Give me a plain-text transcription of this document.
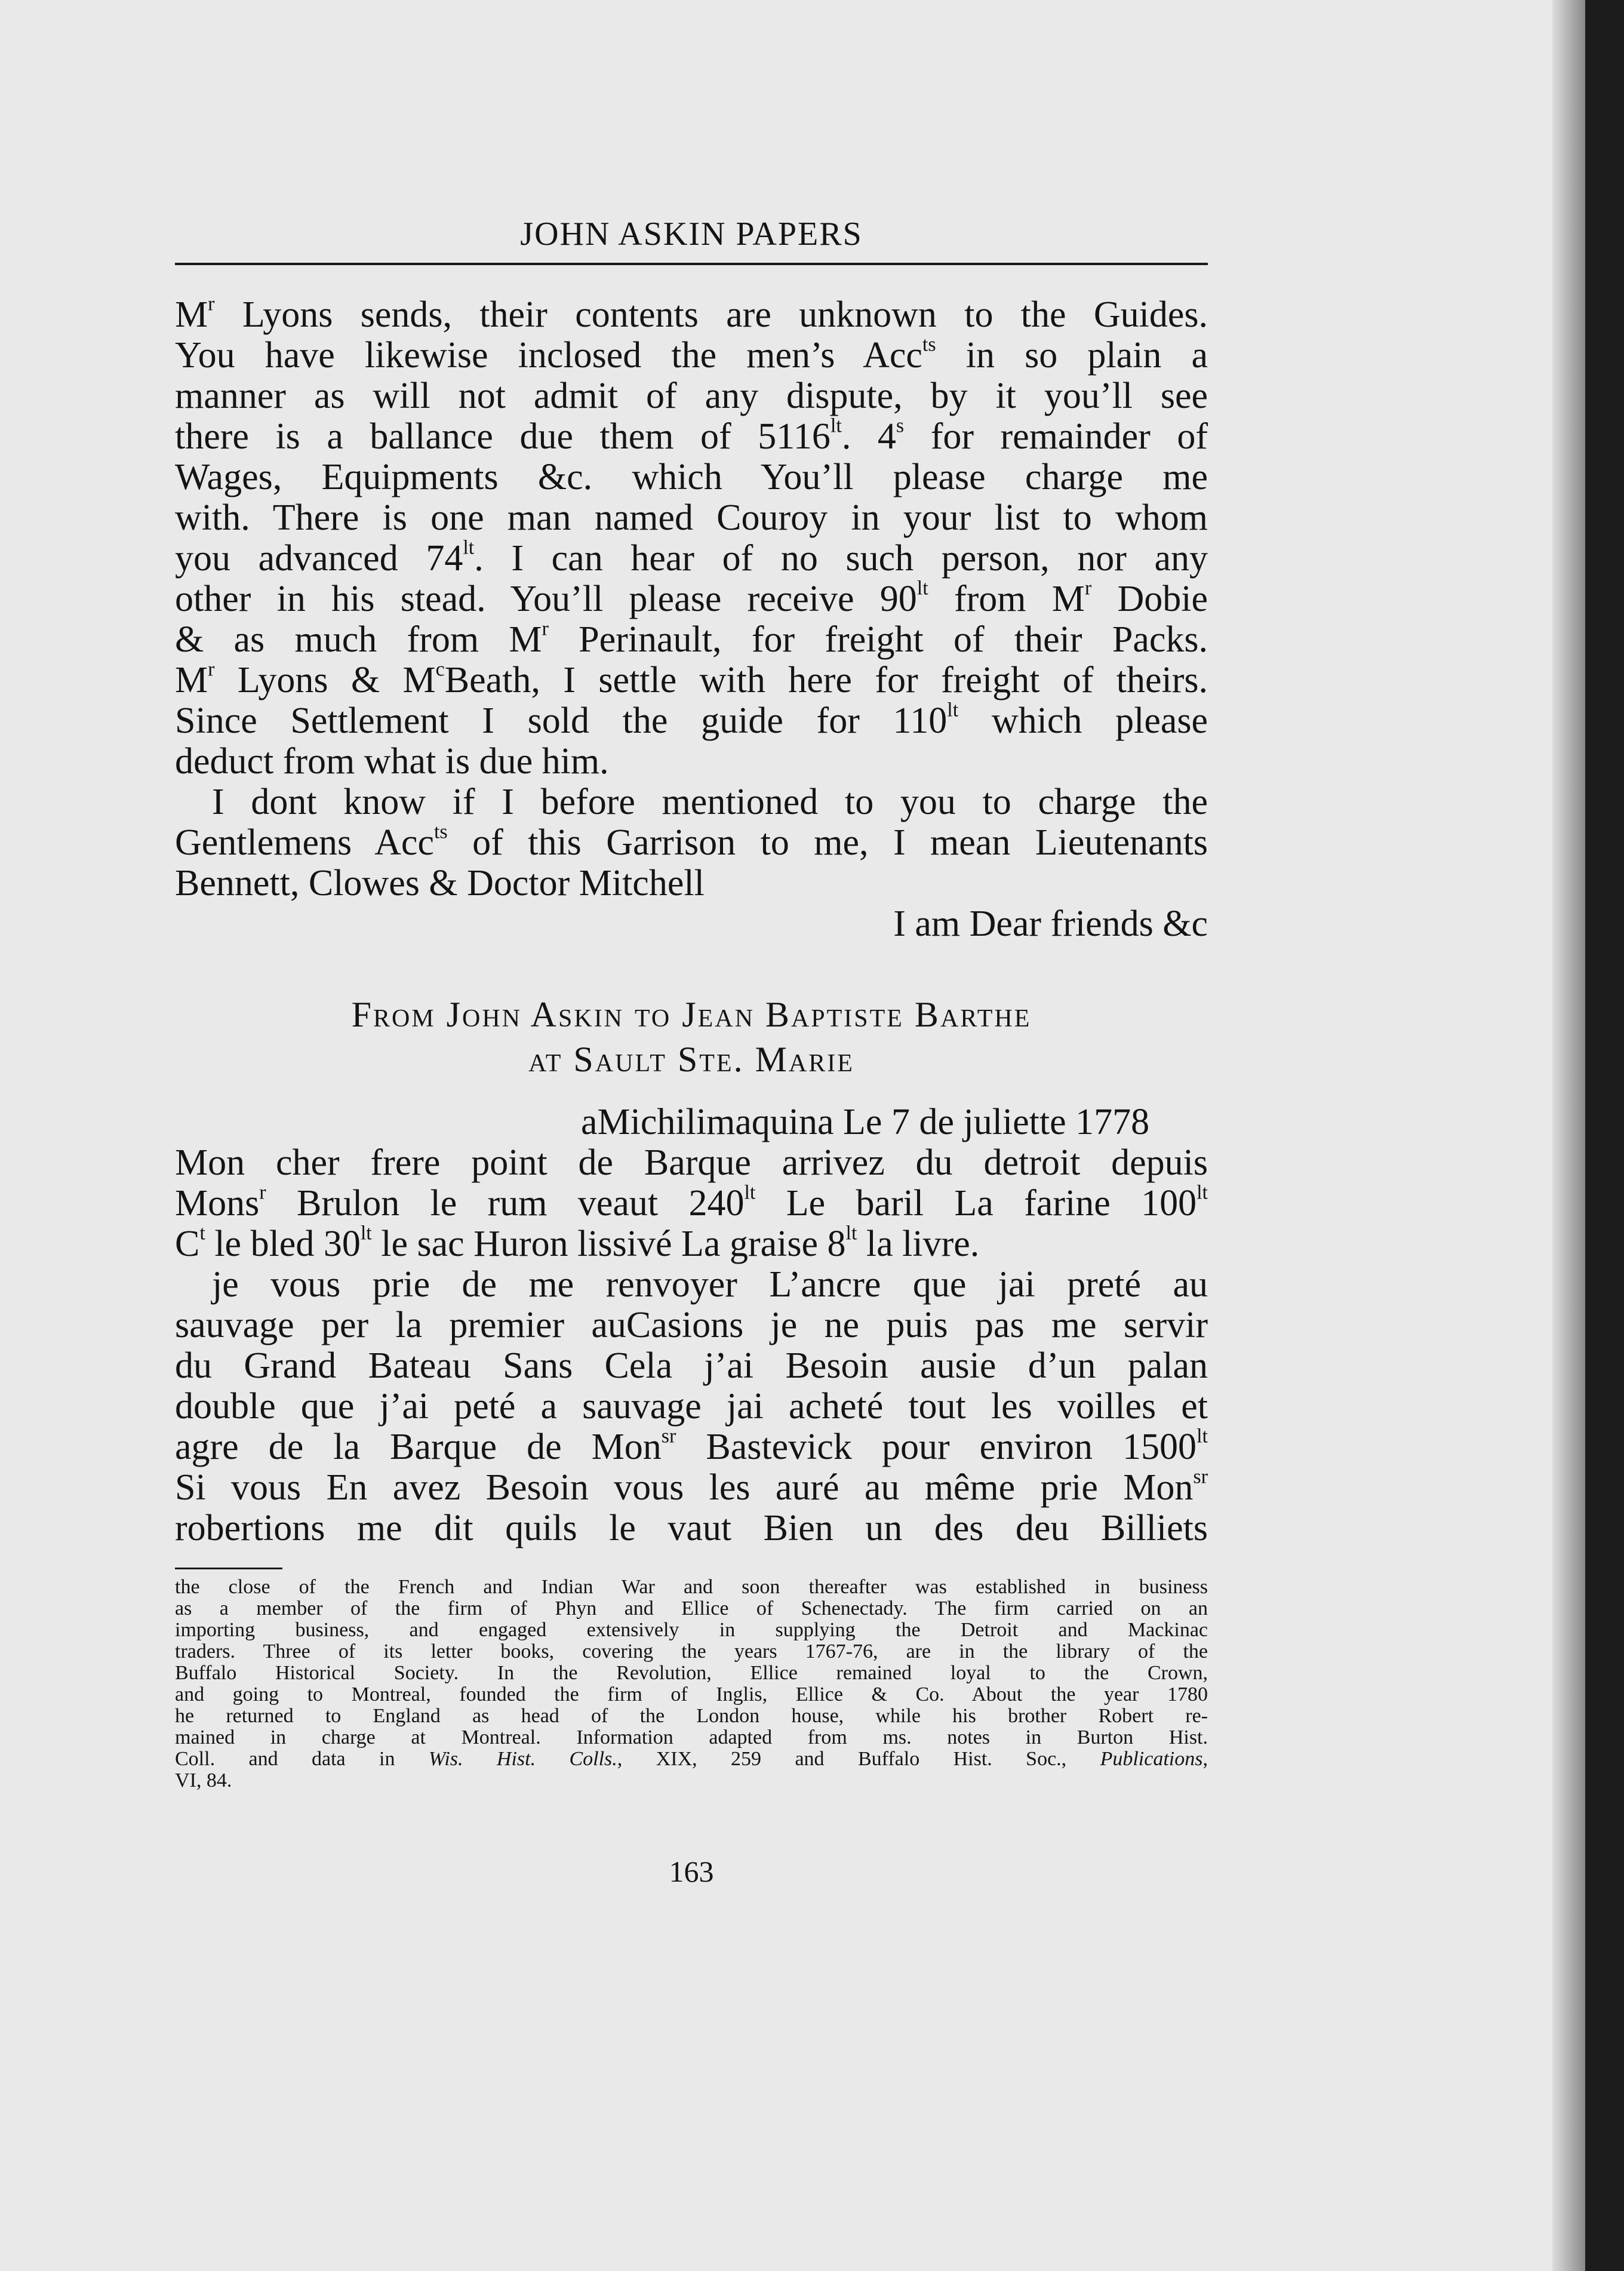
JOHN ASKIN PAPERS
$M^r$ Lyons sends, their contents are unknown to the Guides.
You have likewise inclosed the men’s Acc$^{ts}$ in so plain a
manner as will not admit of any dispute, by it you’ll see
there is a ballance due them of $5116^{lt}$. 4$^s$ for remainder of
Wages, Equipments &c. which You’ll please charge me
with. There is one man named Couroy in your list to whom
you advanced $74^{lt}$. I can hear of no such person, nor any
other in his stead. You’ll please receive $90^{lt}$ from $M^r$ Dobie
& as much from $M^r$ Perinault, for freight of their Packs.
$M^r$ Lyons & $M^cBeath$, I settle with here for freight of theirs.
Since Settlement I sold the guide for $110^{lt}$ which please
deduct from what is due him.
I dont know if I before mentioned to you to charge the
Gentlemens Acc$^{ts}$ of this Garrison to me, I mean Lieutenants
Bennett, Clowes & Doctor Mitchell
I am Dear friends &c
From John Askin to Jean Baptiste Barthe
at Sault Ste. Marie
aMichilimaquina Le 7 de juliette 1778
Mon cher frere point de Barque arrivez du detroit depuis
Mons$^r$ Brulon le rum veaut $240^{lt}$ Le baril La farine $100^{lt}$
$C^t$ le bled $30^{lt}$ le sac Huron lissivé La graise $8^{lt}$ la livre.
je vous prie de me renvoyer L’ancre que jai preté au
sauvage per la premier auCasions je ne puis pas me servir
du Grand Bateau Sans Cela j’ai Besoin ausie d’un palan
double que j’ai peté a sauvage jai acheté tout les voilles et
agre de la Barque de Mon$^{sr}$ Bastevick pour environ $1500^{lt}$
Si vous En avez Besoin vous les auré au même prie Mon$^{sr}$
robertions me dit quils le vaut Bien un des deu Billiets
the close of the French and Indian War and soon thereafter was established in business
as a member of the firm of Phyn and Ellice of Schenectady. The firm carried on an
importing business, and engaged extensively in supplying the Detroit and Mackinac
traders. Three of its letter books, covering the years 1767-76, are in the library of the
Buffalo Historical Society. In the Revolution, Ellice remained loyal to the Crown,
and going to Montreal, founded the firm of Inglis, Ellice & Co. About the year 1780
he returned to England as head of the London house, while his brother Robert re-
mained in charge at Montreal. Information adapted from ms. notes in Burton Hist.
Coll. and data in Wis. Hist. Colls., XIX, 259 and Buffalo Hist. Soc., Publications,
VI, 84.
163
